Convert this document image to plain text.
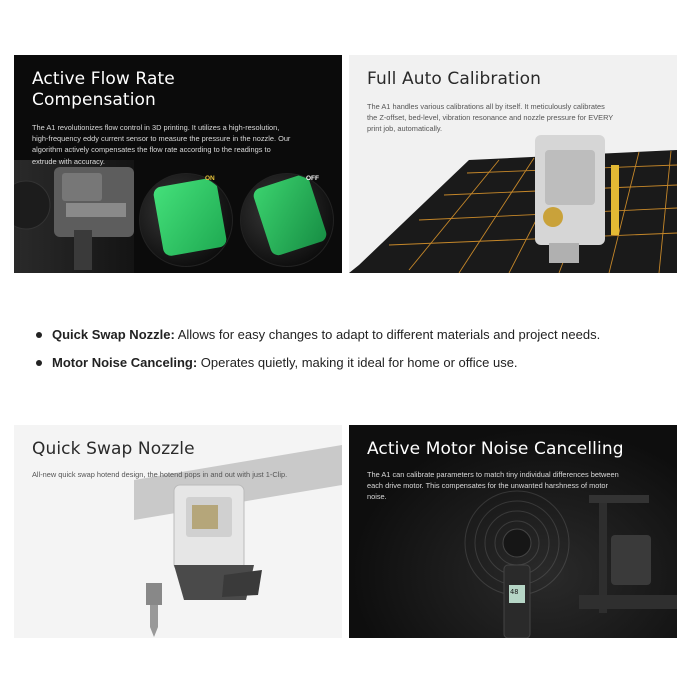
Active Flow Rate Compensation
The A1 revolutionizes flow control in 3D printing. It utilizes a high-resolution, high-frequency eddy current sensor to measure the pressure in the nozzle. Our algorithm actively compensates the flow rate according to the readings to extrude with accuracy.
ON	OFF
Full Auto Calibration
The A1 handles various calibrations all by itself. It meticulously calibrates the Z-offset, bed-level, vibration resonance and nozzle pressure for EVERY print job, automatically.
Quick Swap Nozzle: Allows for easy changes to adapt to different materials and project needs.
Motor Noise Canceling: Operates quietly, making it ideal for home or office use.
Quick Swap Nozzle
All-new quick swap hotend design, the hotend pops in and out with just 1-Clip.
48
Active Motor Noise Cancelling
The A1 can calibrate parameters to match tiny individual differences between each drive motor. This compensates for the unwanted harshness of motor noise.
